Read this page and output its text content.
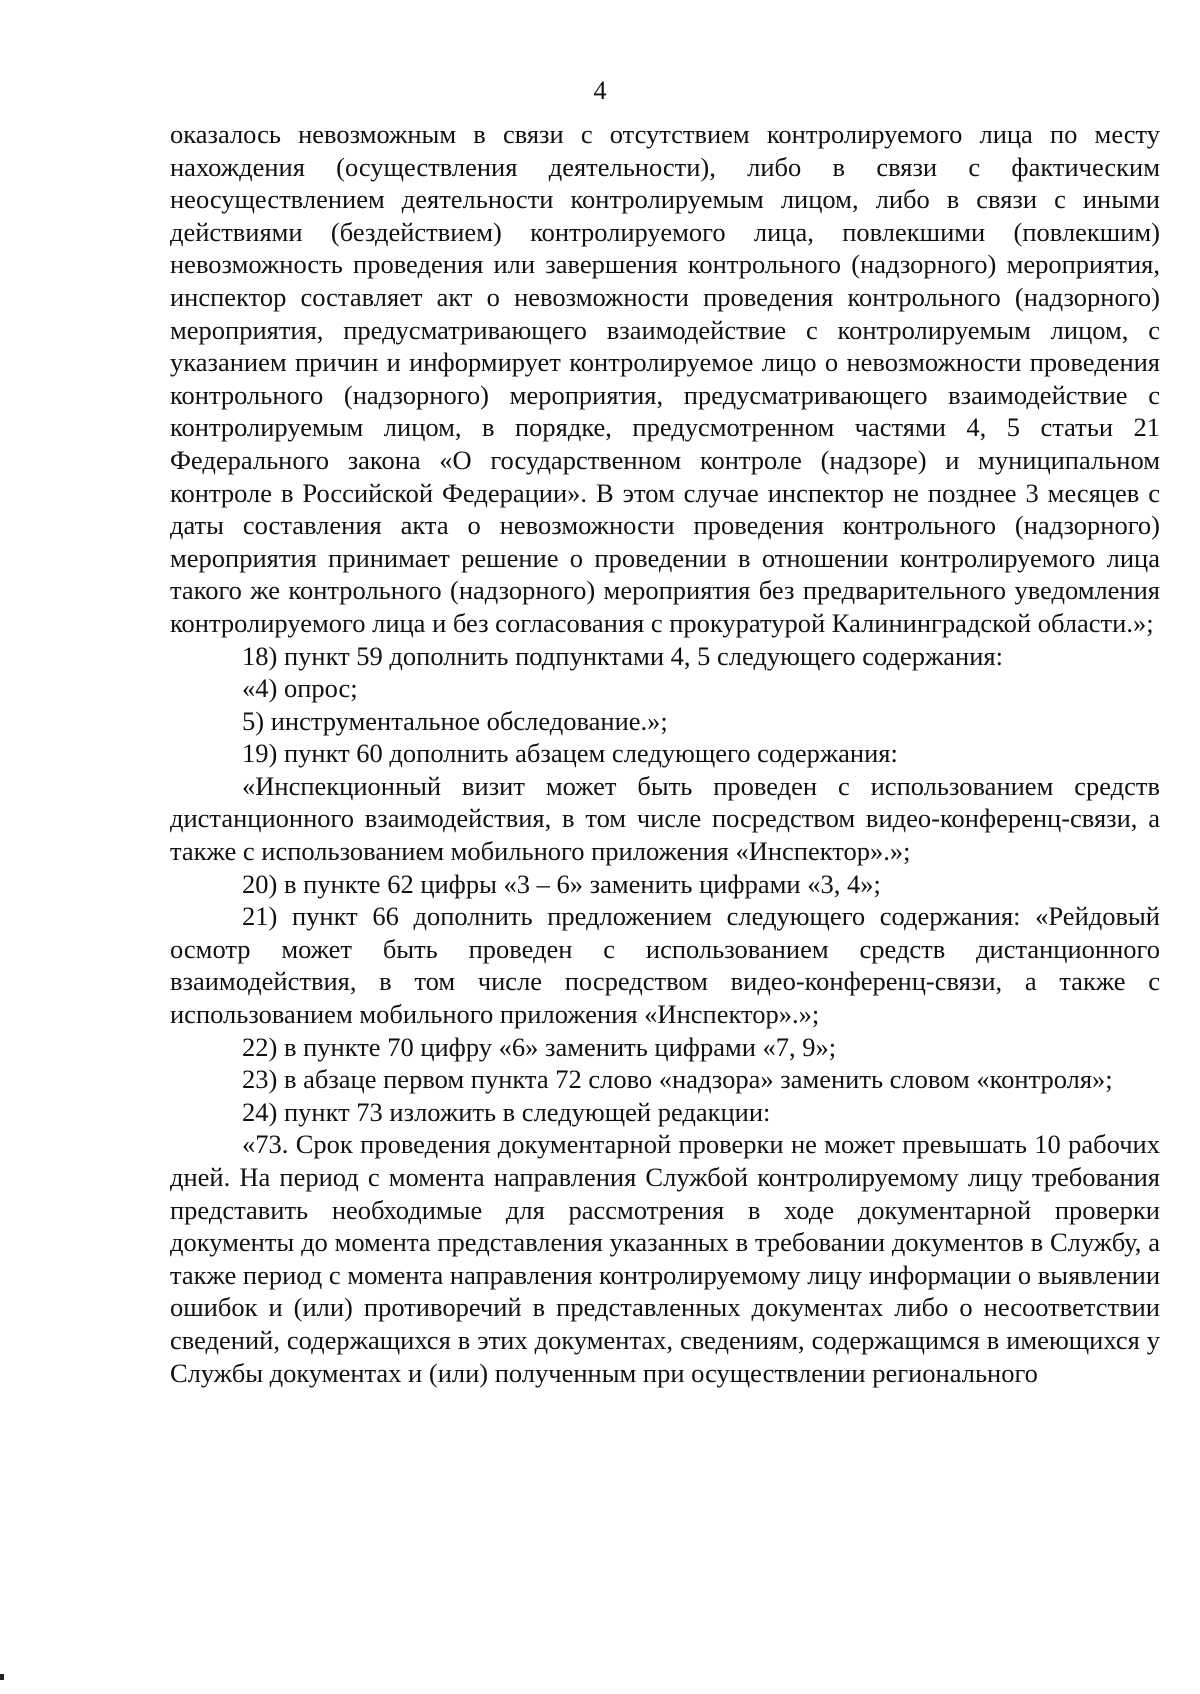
4

оказалось невозможным в связи с отсутствием контролируемого лица по месту нахождения (осуществления деятельности), либо в связи с фактическим неосуществлением деятельности контролируемым лицом, либо в связи с иными действиями (бездействием) контролируемого лица, повлекшими (повлекшим) невозможность проведения или завершения контрольного (надзорного) мероприятия, инспектор составляет акт о невозможности проведения контрольного (надзорного) мероприятия, предусматривающего взаимодействие с контролируемым лицом, с указанием причин и информирует контролируемое лицо о невозможности проведения контрольного (надзорного) мероприятия, предусматривающего взаимодействие с контролируемым лицом, в порядке, предусмотренном частями 4, 5 статьи 21 Федерального закона «О государственном контроле (надзоре) и муниципальном контроле в Российской Федерации». В этом случае инспектор не позднее 3 месяцев с даты составления акта о невозможности проведения контрольного (надзорного) мероприятия принимает решение о проведении в отношении контролируемого лица такого же контрольного (надзорного) мероприятия без предварительного уведомления контролируемого лица и без согласования с прокуратурой Калининградской области.»;

18) пункт 59 дополнить подпунктами 4, 5 следующего содержания:

«4) опрос;

5) инструментальное обследование.»;

19) пункт 60 дополнить абзацем следующего содержания:

«Инспекционный визит может быть проведен с использованием средств дистанционного взаимодействия, в том числе посредством видео-конференц-связи, а также с использованием мобильного приложения «Инспектор».»;

20) в пункте 62 цифры «3 – 6» заменить цифрами «3, 4»;

21) пункт 66 дополнить предложением следующего содержания: «Рейдовый осмотр может быть проведен с использованием средств дистанционного взаимодействия, в том числе посредством видео-конференц-связи, а также с использованием мобильного приложения «Инспектор».»;

22) в пункте 70 цифру «6» заменить цифрами «7, 9»;

23) в абзаце первом пункта 72 слово «надзора» заменить словом «контроля»;

24) пункт 73 изложить в следующей редакции:

«73. Срок проведения документарной проверки не может превышать 10 рабочих дней. На период с момента направления Службой контролируемому лицу требования представить необходимые для рассмотрения в ходе документарной проверки документы до момента представления указанных в требовании документов в Службу, а также период с момента направления контролируемому лицу информации о выявлении ошибок и (или) противоречий в представленных документах либо о несоответствии сведений, содержащихся в этих документах, сведениям, содержащимся в имеющихся у Службы документах и (или) полученным при осуществлении регионального
